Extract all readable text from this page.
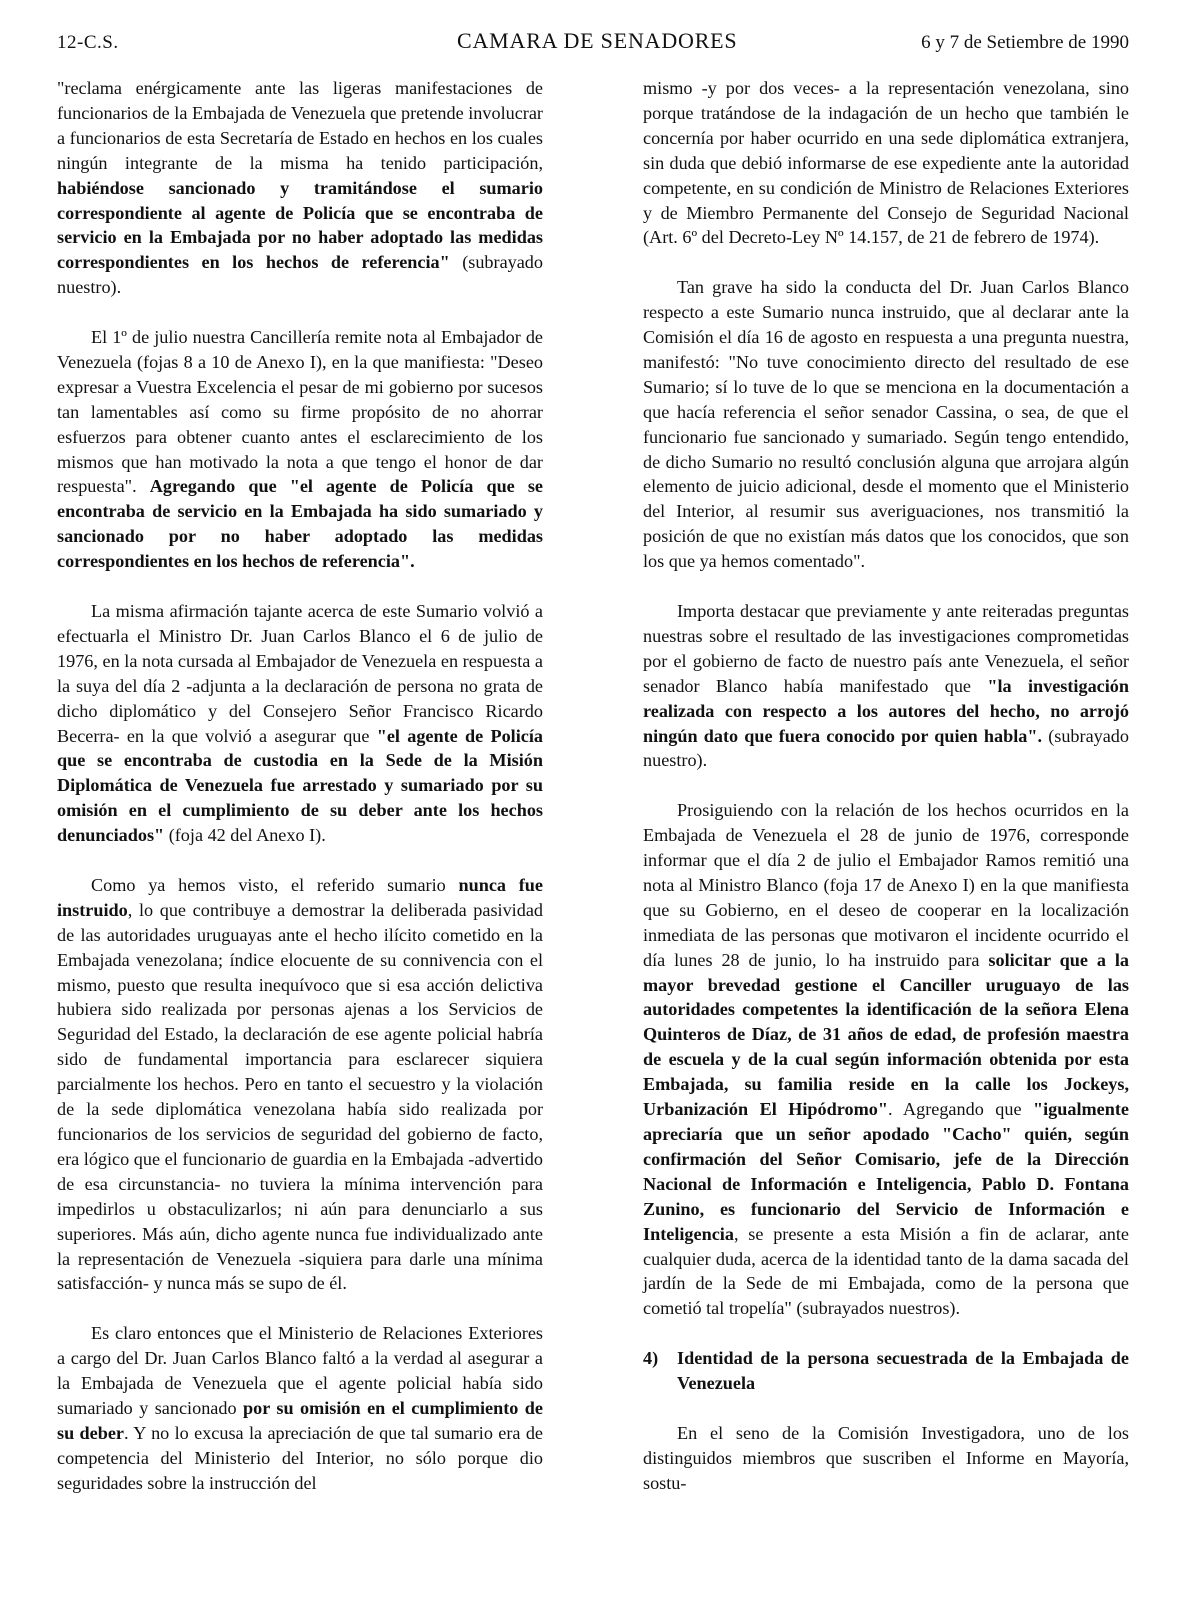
12-C.S.	CAMARA DE SENADORES	6 y 7 de Setiembre de 1990

"reclama enérgicamente ante las ligeras manifestaciones de funcionarios de la Embajada de Venezuela que pretende involucrar a funcionarios de esta Secretaría de Estado en hechos en los cuales ningún integrante de la misma ha tenido participación, habiéndose sancionado y tramitándose el sumario correspondiente al agente de Policía que se encontraba de servicio en la Embajada por no haber adoptado las medidas correspondientes en los hechos de referencia" (subrayado nuestro).

El 1º de julio nuestra Cancillería remite nota al Embajador de Venezuela (fojas 8 a 10 de Anexo I), en la que manifiesta: "Deseo expresar a Vuestra Excelencia el pesar de mi gobierno por sucesos tan lamentables así como su firme propósito de no ahorrar esfuerzos para obtener cuanto antes el esclarecimiento de los mismos que han motivado la nota a que tengo el honor de dar respuesta". Agregando que "el agente de Policía que se encontraba de servicio en la Embajada ha sido sumariado y sancionado por no haber adoptado las medidas correspondientes en los hechos de referencia".

La misma afirmación tajante acerca de este Sumario volvió a efectuarla el Ministro Dr. Juan Carlos Blanco el 6 de julio de 1976, en la nota cursada al Embajador de Venezuela en respuesta a la suya del día 2 -adjunta a la declaración de persona no grata de dicho diplomático y del Consejero Señor Francisco Ricardo Becerra- en la que volvió a asegurar que "el agente de Policía que se encontraba de custodia en la Sede de la Misión Diplomática de Venezuela fue arrestado y sumariado por su omisión en el cumplimiento de su deber ante los hechos denunciados" (foja 42 del Anexo I).

Como ya hemos visto, el referido sumario nunca fue instruido, lo que contribuye a demostrar la deliberada pasividad de las autoridades uruguayas ante el hecho ilícito cometido en la Embajada venezolana; índice elocuente de su connivencia con el mismo, puesto que resulta inequívoco que si esa acción delictiva hubiera sido realizada por personas ajenas a los Servicios de Seguridad del Estado, la declaración de ese agente policial habría sido de fundamental importancia para esclarecer siquiera parcialmente los hechos. Pero en tanto el secuestro y la violación de la sede diplomática venezolana había sido realizada por funcionarios de los servicios de seguridad del gobierno de facto, era lógico que el funcionario de guardia en la Embajada -advertido de esa circunstancia- no tuviera la mínima intervención para impedirlos u obstaculizarlos; ni aún para denunciarlo a sus superiores. Más aún, dicho agente nunca fue individualizado ante la representación de Venezuela -siquiera para darle una mínima satisfacción- y nunca más se supo de él.

Es claro entonces que el Ministerio de Relaciones Exteriores a cargo del Dr. Juan Carlos Blanco faltó a la verdad al asegurar a la Embajada de Venezuela que el agente policial había sido sumariado y sancionado por su omisión en el cumplimiento de su deber. Y no lo excusa la apreciación de que tal sumario era de competencia del Ministerio del Interior, no sólo porque dio seguridades sobre la instrucción del

mismo -y por dos veces- a la representación venezolana, sino porque tratándose de la indagación de un hecho que también le concernía por haber ocurrido en una sede diplomática extranjera, sin duda que debió informarse de ese expediente ante la autoridad competente, en su condición de Ministro de Relaciones Exteriores y de Miembro Permanente del Consejo de Seguridad Nacional (Art. 6º del Decreto-Ley Nº 14.157, de 21 de febrero de 1974).

Tan grave ha sido la conducta del Dr. Juan Carlos Blanco respecto a este Sumario nunca instruido, que al declarar ante la Comisión el día 16 de agosto en respuesta a una pregunta nuestra, manifestó: "No tuve conocimiento directo del resultado de ese Sumario; sí lo tuve de lo que se menciona en la documentación a que hacía referencia el señor senador Cassina, o sea, de que el funcionario fue sancionado y sumariado. Según tengo entendido, de dicho Sumario no resultó conclusión alguna que arrojara algún elemento de juicio adicional, desde el momento que el Ministerio del Interior, al resumir sus averiguaciones, nos transmitió la posición de que no existían más datos que los conocidos, que son los que ya hemos comentado".

Importa destacar que previamente y ante reiteradas preguntas nuestras sobre el resultado de las investigaciones comprometidas por el gobierno de facto de nuestro país ante Venezuela, el señor senador Blanco había manifestado que "la investigación realizada con respecto a los autores del hecho, no arrojó ningún dato que fuera conocido por quien habla". (subrayado nuestro).

Prosiguiendo con la relación de los hechos ocurridos en la Embajada de Venezuela el 28 de junio de 1976, corresponde informar que el día 2 de julio el Embajador Ramos remitió una nota al Ministro Blanco (foja 17 de Anexo I) en la que manifiesta que su Gobierno, en el deseo de cooperar en la localización inmediata de las personas que motivaron el incidente ocurrido el día lunes 28 de junio, lo ha instruido para solicitar que a la mayor brevedad gestione el Canciller uruguayo de las autoridades competentes la identificación de la señora Elena Quinteros de Díaz, de 31 años de edad, de profesión maestra de escuela y de la cual según información obtenida por esta Embajada, su familia reside en la calle los Jockeys, Urbanización El Hipódromo". Agregando que "igualmente apreciaría que un señor apodado "Cacho" quién, según confirmación del Señor Comisario, jefe de la Dirección Nacional de Información e Inteligencia, Pablo D. Fontana Zunino, es funcionario del Servicio de Información e Inteligencia, se presente a esta Misión a fin de aclarar, ante cualquier duda, acerca de la identidad tanto de la dama sacada del jardín de la Sede de mi Embajada, como de la persona que cometió tal tropelía" (subrayados nuestros).

4) Identidad de la persona secuestrada de la Embajada de Venezuela

En el seno de la Comisión Investigadora, uno de los distinguidos miembros que suscriben el Informe en Mayoría, sostu-
